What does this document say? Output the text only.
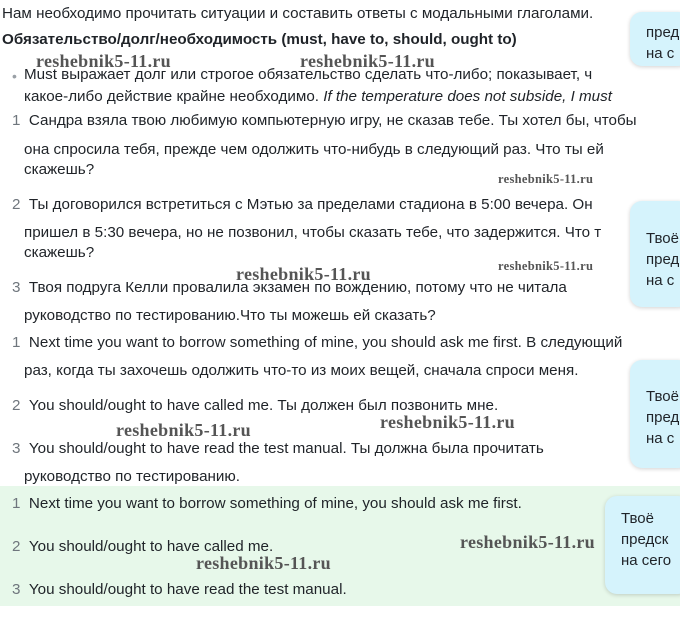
Нам необходимо прочитать ситуации и составить ответы с модальными глаголами.
Обязательство/долг/необходимость (must, have to, should, ought to)
• Must выражает долг или строгое обязательство сделать что-либо; показывает, ч
какое-либо действие крайне необходимо. If the temperature does not subside, I must
1 Сандра взяла твою любимую компьютерную игру, не сказав тебе. Ты хотел бы, чтобы
она спросила тебя, прежде чем одолжить что-нибудь в следующий раз. Что ты ей
скажешь?
2 Ты договорился встретиться с Мэтью за пределами стадиона в 5:00 вечера. Он
пришел в 5:30 вечера, но не позвонил, чтобы сказать тебе, что задержится. Что т
скажешь?
3 Твоя подруга Келли провалила экзамен по вождению, потому что не читала
руководство по тестированию.Что ты можешь ей сказать?
1 Next time you want to borrow something of mine, you should ask me first. В следующий
раз, когда ты захочешь одолжить что-то из моих вещей, сначала спроси меня.
2 You should/ought to have called me. Ты должен был позвонить мне.
3 You should/ought to have read the test manual. Ты должна была прочитать
руководство по тестированию.
1 Next time you want to borrow something of mine, you should ask me first.
2 You should/ought to have called me.
3 You should/ought to have read the test manual.
пред
на с
Твоё
пред
на с
Твоё
пред
на с
Твоё
предск
на сего
reshebnik5-11.ru	reshebnik5-11.ru
reshebnik5-11.ru
reshebnik5-11.ru	reshebnik5-11.ru
reshebnik5-11.ru	reshebnik5-11.ru
reshebnik5-11.ru
reshebnik5-11.ru
